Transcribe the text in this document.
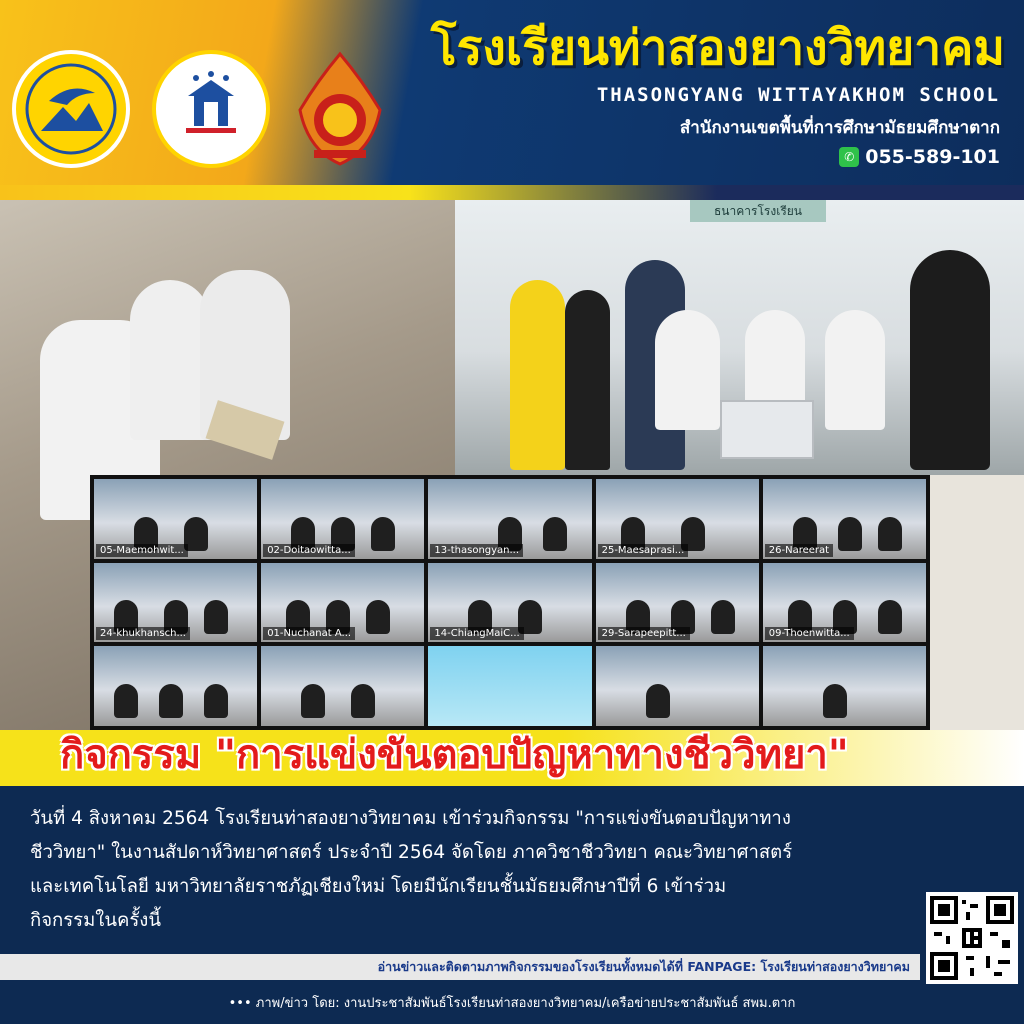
โรงเรียนท่าสองยางวิทยาคม
THASONGYANG WITTAYAKHOM SCHOOL
สำนักงานเขตพื้นที่การศึกษามัธยมศึกษาตาก
✆ 055-589-101
ธนาคารโรงเรียน
05-Maemohwit...	02-Doitaowitta...	13-thasongyan...	25-Maesaprasi...	26-Nareerat
24-khukhansch...	01-Nuchanat A...	14-ChiangMaiC...	29-Sarapeepitt...	09-Thoenwitta...
กิจกรรม "การแข่งขันตอบปัญหาทางชีววิทยา"
วันที่ 4 สิงหาคม 2564 โรงเรียนท่าสองยางวิทยาคม เข้าร่วมกิจกรรม "การแข่งขันตอบปัญหาทาง
ชีววิทยา" ในงานสัปดาห์วิทยาศาสตร์ ประจำปี 2564 จัดโดย ภาควิชาชีววิทยา คณะวิทยาศาสตร์
และเทคโนโลยี มหาวิทยาลัยราชภัฏเชียงใหม่ โดยมีนักเรียนชั้นมัธยมศึกษาปีที่ 6 เข้าร่วม
กิจกรรมในครั้งนี้
อ่านข่าวและติดตามภาพกิจกรรมของโรงเรียนทั้งหมดได้ที่ FANPAGE: โรงเรียนท่าสองยางวิทยาคม
••• ภาพ/ข่าว โดย: งานประชาสัมพันธ์โรงเรียนท่าสองยางวิทยาคม/เครือข่ายประชาสัมพันธ์ สพม.ตาก
